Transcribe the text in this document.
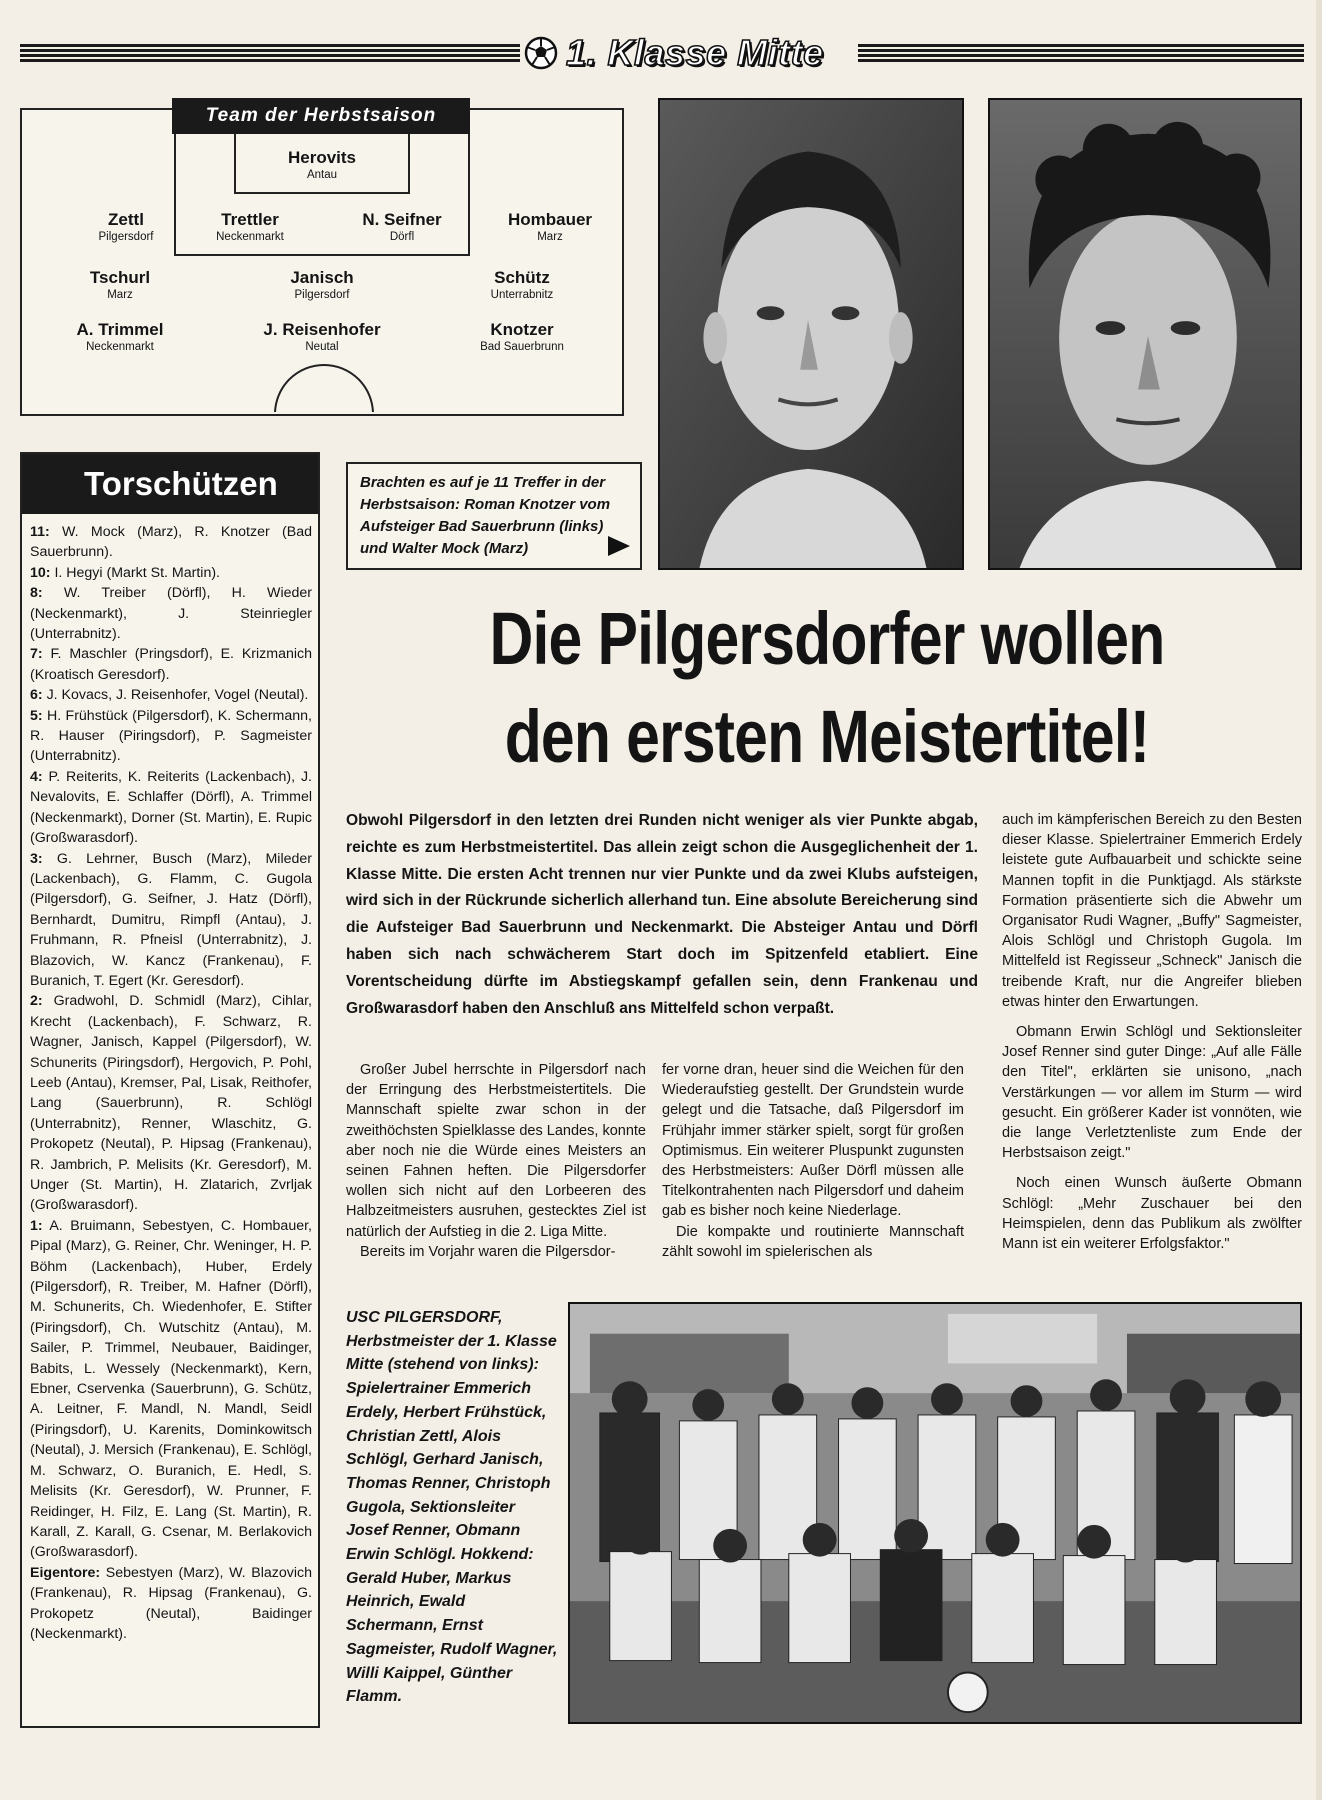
1. Klasse Mitte
Team der Herbstsaison
Herovits
Antau
Zettl
Pilgersdorf
Trettler
Neckenmarkt
N. Seifner
Dörfl
Hombauer
Marz
Tschurl
Marz
Janisch
Pilgersdorf
Schütz
Unterrabnitz
A. Trimmel
Neckenmarkt
J. Reisenhofer
Neutal
Knotzer
Bad Sauerbrunn
Brachten es auf je 11 Treffer in der Herbstsaison: Roman Knotzer vom Aufsteiger Bad Sauerbrunn (links) und Walter Mock (Marz)
Die Pilgersdorfer wollen
den ersten Meistertitel!
Torschützen

11: W. Mock (Marz), R. Knotzer (Bad Sauerbrunn).

10: I. Hegyi (Markt St. Martin).

8: W. Treiber (Dörfl), H. Wieder (Neckenmarkt), J. Steinriegler (Unterrabnitz).

7: F. Maschler (Pringsdorf), E. Krizmanich (Kroatisch Geresdorf).

6: J. Kovacs, J. Reisenhofer, Vogel (Neutal).

5: H. Frühstück (Pilgersdorf), K. Schermann, R. Hauser (Piringsdorf), P. Sagmeister (Unterrabnitz).

4: P. Reiterits, K. Reiterits (Lackenbach), J. Nevalovits, E. Schlaffer (Dörfl), A. Trimmel (Neckenmarkt), Dorner (St. Martin), E. Rupic (Großwarasdorf).

3: G. Lehrner, Busch (Marz), Mileder (Lackenbach), G. Flamm, C. Gugola (Pilgersdorf), G. Seifner, J. Hatz (Dörfl), Bernhardt, Dumitru, Rimpfl (Antau), J. Fruhmann, R. Pfneisl (Unterrabnitz), J. Blazovich, W. Kancz (Frankenau), F. Buranich, T. Egert (Kr. Geresdorf).

2: Gradwohl, D. Schmidl (Marz), Cihlar, Krecht (Lackenbach), F. Schwarz, R. Wagner, Janisch, Kappel (Pilgersdorf), W. Schunerits (Piringsdorf), Hergovich, P. Pohl, Leeb (Antau), Kremser, Pal, Lisak, Reithofer, Lang (Sauerbrunn), R. Schlögl (Unterrabnitz), Renner, Wlaschitz, G. Prokopetz (Neutal), P. Hipsag (Frankenau), R. Jambrich, P. Melisits (Kr. Geresdorf), M. Unger (St. Martin), H. Zlatarich, Zvrljak (Großwarasdorf).

1: A. Bruimann, Sebestyen, C. Hombauer, Pipal (Marz), G. Reiner, Chr. Weninger, H. P. Böhm (Lackenbach), Huber, Erdely (Pilgersdorf), R. Treiber, M. Hafner (Dörfl), M. Schunerits, Ch. Wiedenhofer, E. Stifter (Piringsdorf), Ch. Wutschitz (Antau), M. Sailer, P. Trimmel, Neubauer, Baidinger, Babits, L. Wessely (Neckenmarkt), Kern, Ebner, Cservenka (Sauerbrunn), G. Schütz, A. Leitner, F. Mandl, N. Mandl, Seidl (Piringsdorf), U. Karenits, Dominkowitsch (Neutal), J. Mersich (Frankenau), E. Schlögl, M. Schwarz, O. Buranich, E. Hedl, S. Melisits (Kr. Geresdorf), W. Prunner, F. Reidinger, H. Filz, E. Lang (St. Martin), R. Karall, Z. Karall, G. Csenar, M. Berlakovich (Großwarasdorf).

Eigentore: Sebestyen (Marz), W. Blazovich (Frankenau), R. Hipsag (Frankenau), G. Prokopetz (Neutal), Baidinger (Neckenmarkt).

Obwohl Pilgersdorf in den letzten drei Runden nicht weniger als vier Punkte abgab, reichte es zum Herbstmeistertitel. Das allein zeigt schon die Ausgeglichenheit der 1. Klasse Mitte. Die ersten Acht trennen nur vier Punkte und da zwei Klubs aufsteigen, wird sich in der Rückrunde sicherlich allerhand tun. Eine absolute Bereicherung sind die Aufsteiger Bad Sauerbrunn und Neckenmarkt. Die Absteiger Antau und Dörfl haben sich nach schwächerem Start doch im Spitzenfeld etabliert. Eine Vorentscheidung dürfte im Abstiegskampf gefallen sein, denn Frankenau und Großwarasdorf haben den Anschluß ans Mittelfeld schon verpaßt.

Großer Jubel herrschte in Pilgersdorf nach der Erringung des Herbstmeistertitels. Die Mannschaft spielte zwar schon in der zweithöchsten Spielklasse des Landes, konnte aber noch nie die Würde eines Meisters an seinen Fahnen heften. Die Pilgersdorfer wollen sich nicht auf den Lorbeeren des Halbzeitmeisters ausruhen, gestecktes Ziel ist natürlich der Aufstieg in die 2. Liga Mitte.

Bereits im Vorjahr waren die Pilgersdor-

fer vorne dran, heuer sind die Weichen für den Wiederaufstieg gestellt. Der Grundstein wurde gelegt und die Tatsache, daß Pilgersdorf im Frühjahr immer stärker spielt, sorgt für großen Optimismus. Ein weiterer Pluspunkt zugunsten des Herbstmeisters: Außer Dörfl müssen alle Titelkontrahenten nach Pilgersdorf und daheim gab es bisher noch keine Niederlage.

Die kompakte und routinierte Mannschaft zählt sowohl im spielerischen als

auch im kämpferischen Bereich zu den Besten dieser Klasse. Spielertrainer Emmerich Erdely leistete gute Aufbauarbeit und schickte seine Mannen topfit in die Punktjagd. Als stärkste Formation präsentierte sich die Abwehr um Organisator Rudi Wagner, „Buffy" Sagmeister, Alois Schlögl und Christoph Gugola. Im Mittelfeld ist Regisseur „Schneck" Janisch die treibende Kraft, nur die Angreifer blieben etwas hinter den Erwartungen.

Obmann Erwin Schlögl und Sektionsleiter Josef Renner sind guter Dinge: „Auf alle Fälle den Titel", erklärten sie unisono, „nach Verstärkungen — vor allem im Sturm — wird gesucht. Ein größerer Kader ist vonnöten, wie die lange Verletztenliste zum Ende der Herbstsaison zeigt."

Noch einen Wunsch äußerte Obmann Schlögl: „Mehr Zuschauer bei den Heimspielen, denn das Publikum als zwölfter Mann ist ein weiterer Erfolgsfaktor."

USC PILGERSDORF, Herbstmeister der 1. Klasse Mitte (stehend von links): Spielertrainer Emmerich Erdely, Herbert Frühstück, Christian Zettl, Alois Schlögl, Gerhard Janisch, Thomas Renner, Christoph Gugola, Sektionsleiter Josef Renner, Obmann Erwin Schlögl. Hokkend: Gerald Huber, Markus Heinrich, Ewald Schermann, Ernst Sagmeister, Rudolf Wagner, Willi Kaippel, Günther Flamm.
